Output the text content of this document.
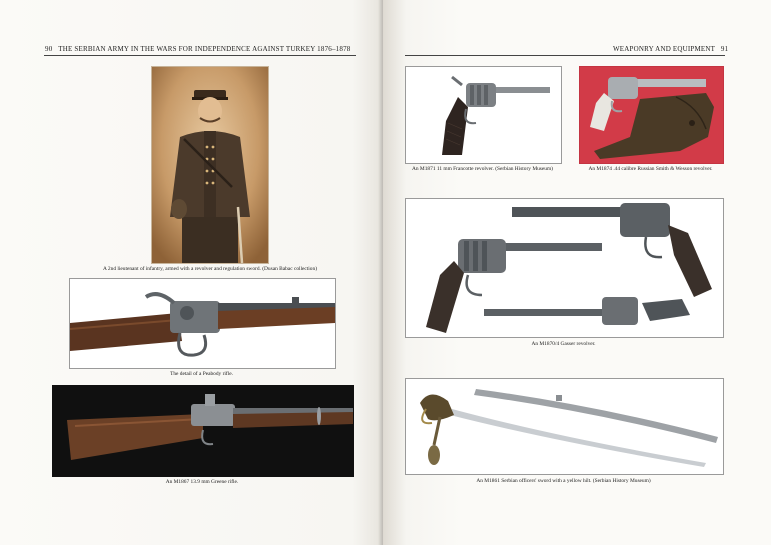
90 THE SERBIAN ARMY IN THE WARS FOR INDEPENDENCE AGAINST TURKEY 1876–1878
A 2nd lieutenant of infantry, armed with a revolver and regulation sword. (Dusan Babac collection)
The detail of a Peabody rifle.
An M1867 13.9 mm Greene rifle.
WEAPONRY AND EQUIPMENT 91
An M1871 11 mm Francotte revolver. (Serbian History Museum)	An M1874 .44 calibre Russian Smith & Wesson revolver.
An M1870/4 Gasser revolver.
An M1861 Serbian officers' sword with a yellow hilt. (Serbian History Museum)
